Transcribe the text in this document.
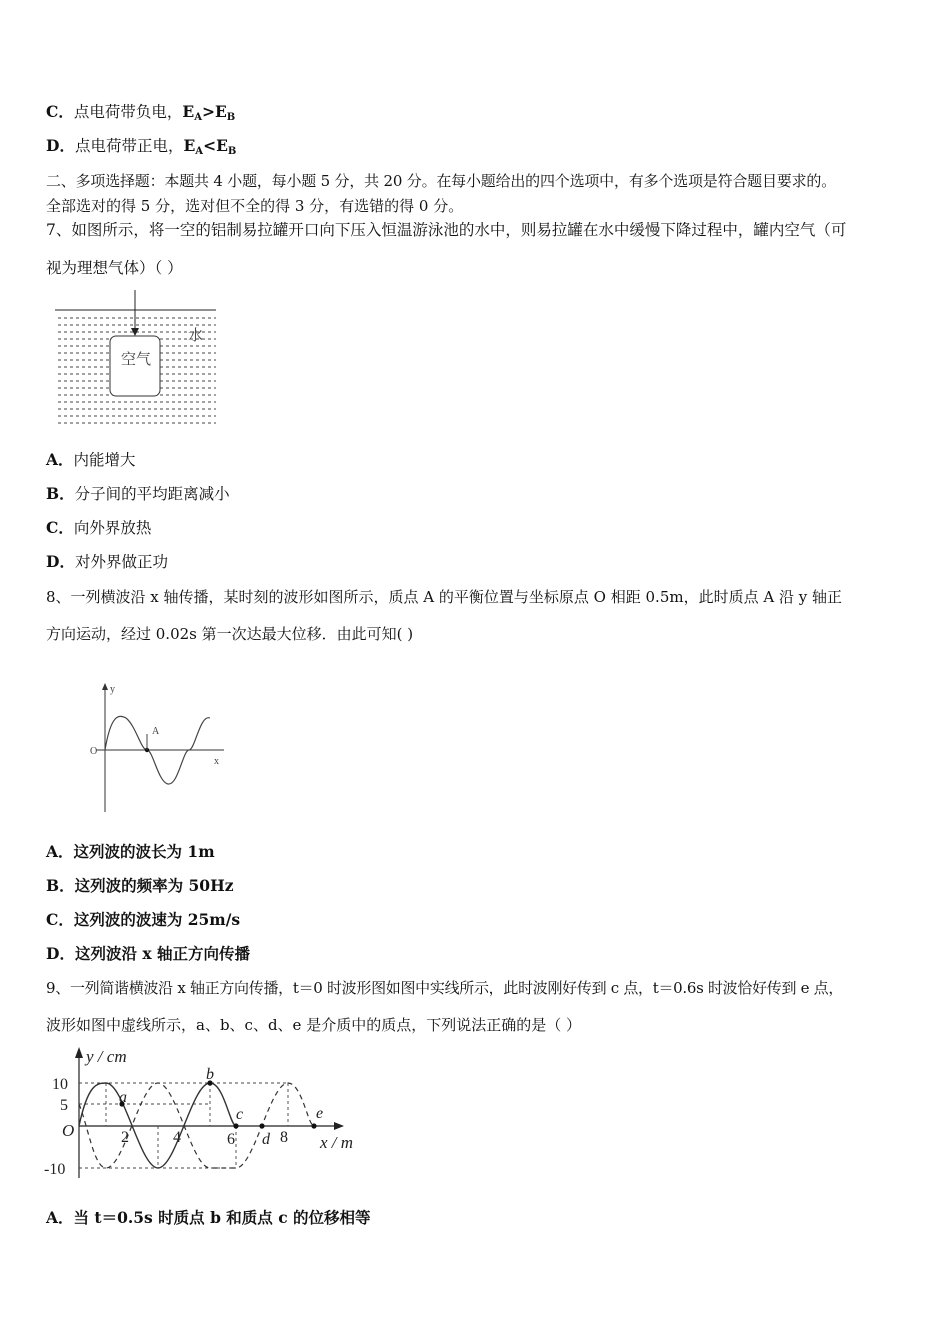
C．点电荷带负电，$E_A>E_B$
D．点电荷带正电，$E_A<E_B$
二、多项选择题：本题共 4 小题，每小题 5 分，共 20 分。在每小题给出的四个选项中，有多个选项是符合题目要求的。
全部选对的得 5 分，选对但不全的得 3 分，有选错的得 0 分。
7、如图所示，将一空的铝制易拉罐开口向下压入恒温游泳池的水中，则易拉罐在水中缓慢下降过程中，罐内空气（可
视为理想气体）（ ）
空气
水
A．内能增大
B．分子间的平均距离减小
C．向外界放热
D．对外界做正功
8、一列横波沿 x 轴传播，某时刻的波形如图所示，质点 A 的平衡位置与坐标原点 O 相距 0.5m，此时质点 A 沿 y 轴正
方向运动，经过 0.02s 第一次达最大位移．由此可知( )
y
O
x
A
A．这列波的波长为 1m
B．这列波的频率为 50Hz
C．这列波的波速为 25m/s
D．这列波沿 x 轴正方向传播
9、一列简谐横波沿 x 轴正方向传播，t＝0 时波形图如图中实线所示，此时波刚好传到 c 点，t＝0.6s 时波恰好传到 e 点，
波形如图中虚线所示，a、b、c、d、e 是介质中的质点，下列说法正确的是（ ）
y / cm
x / m
O
10
5
-10
2	4	6	8
a
b
c
d
e
A．当 t＝0.5s 时质点 b 和质点 c 的位移相等
